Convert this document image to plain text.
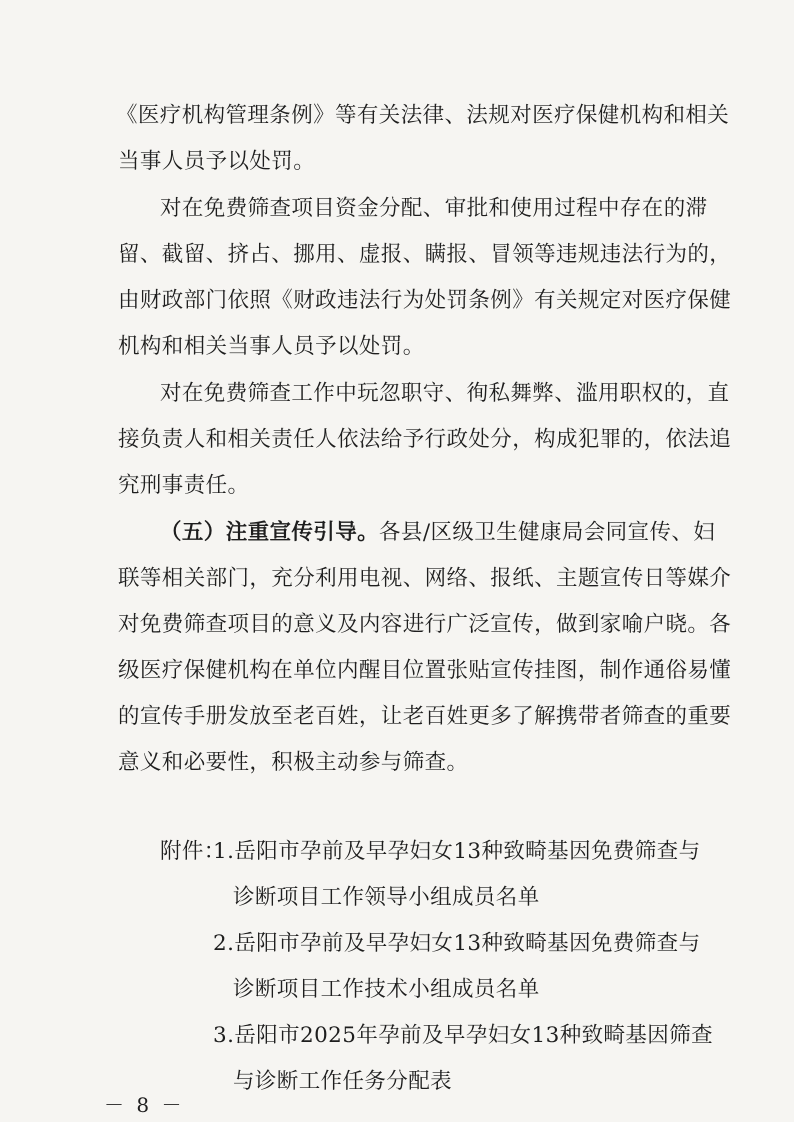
《医疗机构管理条例》等有关法律、法规对医疗保健机构和相关
当事人员予以处罚。
对在免费筛查项目资金分配、审批和使用过程中存在的滞
留、截留、挤占、挪用、虚报、瞒报、冒领等违规违法行为的，
由财政部门依照《财政违法行为处罚条例》有关规定对医疗保健
机构和相关当事人员予以处罚。
对在免费筛查工作中玩忽职守、徇私舞弊、滥用职权的，直
接负责人和相关责任人依法给予行政处分，构成犯罪的，依法追
究刑事责任。
（五）注重宣传引导。各县/区级卫生健康局会同宣传、妇
联等相关部门，充分利用电视、网络、报纸、主题宣传日等媒介
对免费筛查项目的意义及内容进行广泛宣传，做到家喻户晓。各
级医疗保健机构在单位内醒目位置张贴宣传挂图，制作通俗易懂
的宣传手册发放至老百姓，让老百姓更多了解携带者筛查的重要
意义和必要性，积极主动参与筛查。
附件：
1.岳阳市孕前及早孕妇女13种致畸基因免费筛查与
诊断项目工作领导小组成员名单
2.岳阳市孕前及早孕妇女13种致畸基因免费筛查与
诊断项目工作技术小组成员名单
3.岳阳市2025年孕前及早孕妇女13种致畸基因筛查
与诊断工作任务分配表
－ 8 －
